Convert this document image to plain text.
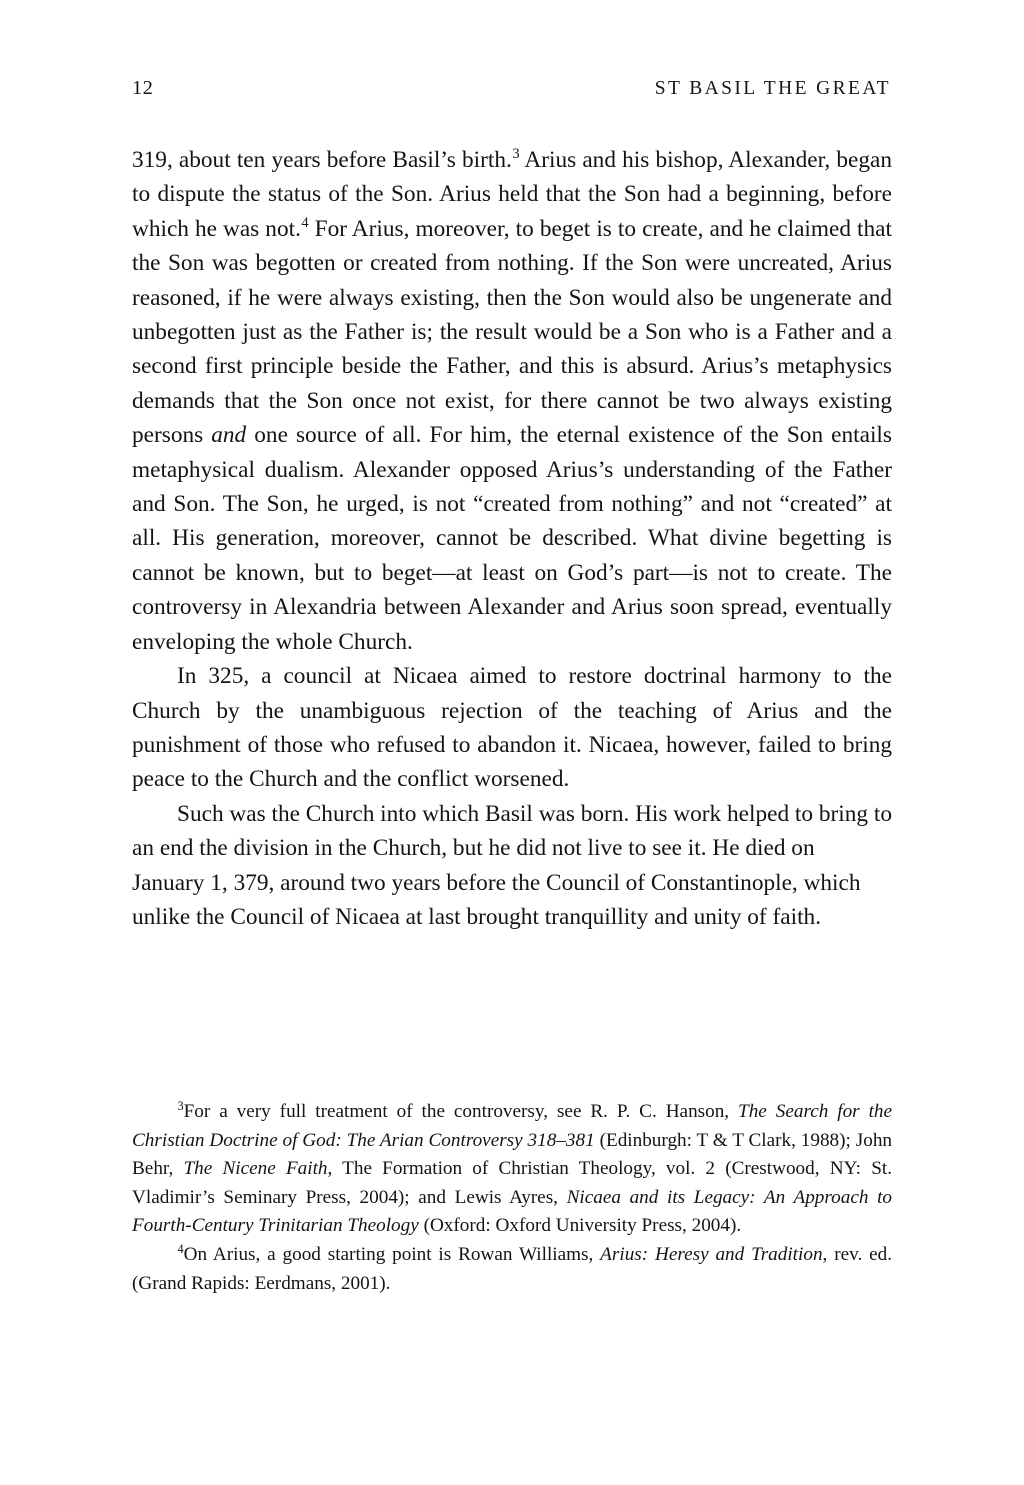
12	ST BASIL THE GREAT

319, about ten years before Basil’s birth.$^3$ Arius and his bishop, Alexander, began to dispute the status of the Son. Arius held that the Son had a beginning, before which he was not.$^4$ For Arius, moreover, to beget is to create, and he claimed that the Son was begotten or created from nothing. If the Son were uncreated, Arius reasoned, if he were always existing, then the Son would also be ungenerate and unbegotten just as the Father is; the result would be a Son who is a Father and a second first principle beside the Father, and this is absurd. Arius’s metaphysics demands that the Son once not exist, for there cannot be two always existing persons and one source of all. For him, the eternal existence of the Son entails metaphysical dualism. Alexander opposed Arius’s understanding of the Father and Son. The Son, he urged, is not “created from nothing” and not “created” at all. His generation, moreover, cannot be described. What divine begetting is cannot be known, but to beget—at least on God’s part—is not to create. The controversy in Alexandria between Alexander and Arius soon spread, eventually enveloping the whole Church.

In 325, a council at Nicaea aimed to restore doctrinal harmony to the Church by the unambiguous rejection of the teaching of Arius and the punishment of those who refused to abandon it. Nicaea, however, failed to bring peace to the Church and the conflict worsened.

Such was the Church into which Basil was born. His work helped to bring to an end the division in the Church, but he did not live to see it. He died on January 1, 379, around two years before the Council of Constantinople, which unlike the Council of Nicaea at last brought tranquillity and unity of faith.

$^3$For a very full treatment of the controversy, see R. P. C. Hanson, The Search for the Christian Doctrine of God: The Arian Controversy 318–381 (Edinburgh: T & T Clark, 1988); John Behr, The Nicene Faith, The Formation of Christian Theology, vol. 2 (Crestwood, NY: St. Vladimir’s Seminary Press, 2004); and Lewis Ayres, Nicaea and its Legacy: An Approach to Fourth-Century Trinitarian Theology (Oxford: Oxford University Press, 2004).

$^4$On Arius, a good starting point is Rowan Williams, Arius: Heresy and Tradition, rev. ed. (Grand Rapids: Eerdmans, 2001).
